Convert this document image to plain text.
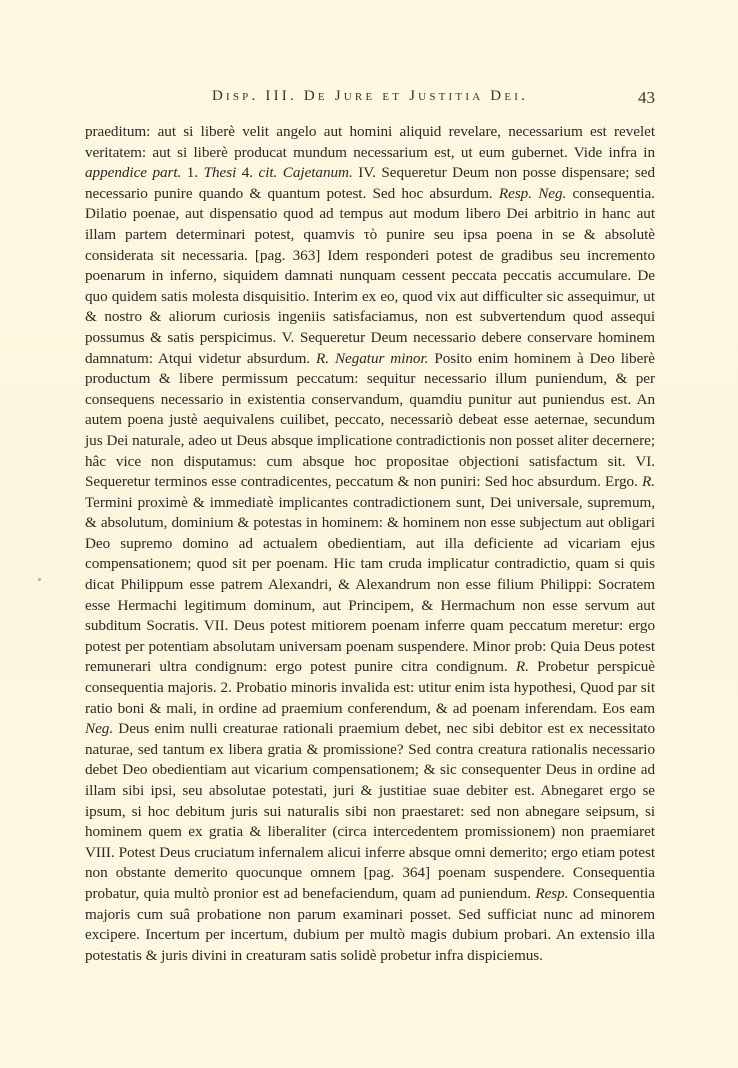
Disp. III. De Jure et Justitia Dei.	43

praeditum: aut si liberè velit angelo aut homini aliquid revelare, necessarium est revelet veritatem: aut si liberè producat mundum necessarium est, ut eum gubernet. Vide infra in appendice part. 1. Thesi 4. cit. Cajetanum. IV. Sequeretur Deum non posse dispensare; sed necessario punire quando & quantum potest. Sed hoc absurdum. Resp. Neg. consequentia. Dilatio poenae, aut dispensatio quod ad tempus aut modum libero Dei arbitrio in hanc aut illam partem determinari potest, quamvis τὸ punire seu ipsa poena in se & absolutè considerata sit necessaria. [pag. 363] Idem responderi potest de gradibus seu incremento poenarum in inferno, siquidem damnati nunquam cessent peccata peccatis accumulare. De quo quidem satis molesta disquisitio. Interim ex eo, quod vix aut difficulter sic assequimur, ut & nostro & aliorum curiosis ingeniis satisfaciamus, non est subvertendum quod assequi possumus & satis perspicimus. V. Sequeretur Deum necessario debere conservare hominem damnatum: Atqui videtur absurdum. R. Negatur minor. Posito enim hominem à Deo liberè productum & libere permissum peccatum: sequitur necessario illum puniendum, & per consequens necessario in existentia conservandum, quamdiu punitur aut puniendus est. An autem poena justè aequivalens cuilibet, peccato, necessariò debeat esse aeternae, secundum jus Dei naturale, adeo ut Deus absque implicatione contradictionis non posset aliter decernere; hâc vice non disputamus: cum absque hoc propositae objectioni satisfactum sit. VI. Sequeretur terminos esse contradicentes, peccatum & non puniri: Sed hoc absurdum. Ergo. R. Termini proximè & immediatè implicantes contradictionem sunt, Dei universale, supremum, & absolutum, dominium & potestas in hominem: & hominem non esse subjectum aut obligari Deo supremo domino ad actualem obedientiam, aut illa deficiente ad vicariam ejus compensationem; quod sit per poenam. Hic tam cruda implicatur contradictio, quam si quis dicat Philippum esse patrem Alexandri, & Alexandrum non esse filium Philippi: Socratem esse Hermachi legitimum dominum, aut Principem, & Hermachum non esse servum aut subditum Socratis. VII. Deus potest mitiorem poenam inferre quam peccatum meretur: ergo potest per potentiam absolutam universam poenam suspendere. Minor prob: Quia Deus potest remunerari ultra condignum: ergo potest punire citra condignum. R. Probetur perspicuè consequentia majoris. 2. Probatio minoris invalida est: utitur enim ista hypothesi, Quod par sit ratio boni & mali, in ordine ad praemium conferendum, & ad poenam inferendam. Eos eam Neg. Deus enim nulli creaturae rationali praemium debet, nec sibi debitor est ex necessitato naturae, sed tantum ex libera gratia & promissione? Sed contra creatura rationalis necessario debet Deo obedientiam aut vicarium compensationem; & sic consequenter Deus in ordine ad illam sibi ipsi, seu absolutae potestati, juri & justitiae suae debiter est. Abnegaret ergo se ipsum, si hoc debitum juris sui naturalis sibi non praestaret: sed non abnegare seipsum, si hominem quem ex gratia & liberaliter (circa intercedentem promissionem) non praemiaret VIII. Potest Deus cruciatum infernalem alicui inferre absque omni demerito; ergo etiam potest non obstante demerito quocunque omnem [pag. 364] poenam suspendere. Consequentia probatur, quia multò pronior est ad benefaciendum, quam ad puniendum. Resp. Consequentia majoris cum suâ probatione non parum examinari posset. Sed sufficiat nunc ad minorem excipere. Incertum per incertum, dubium per multò magis dubium probari. An extensio illa potestatis & juris divini in creaturam satis solidè probetur infra dispiciemus.
